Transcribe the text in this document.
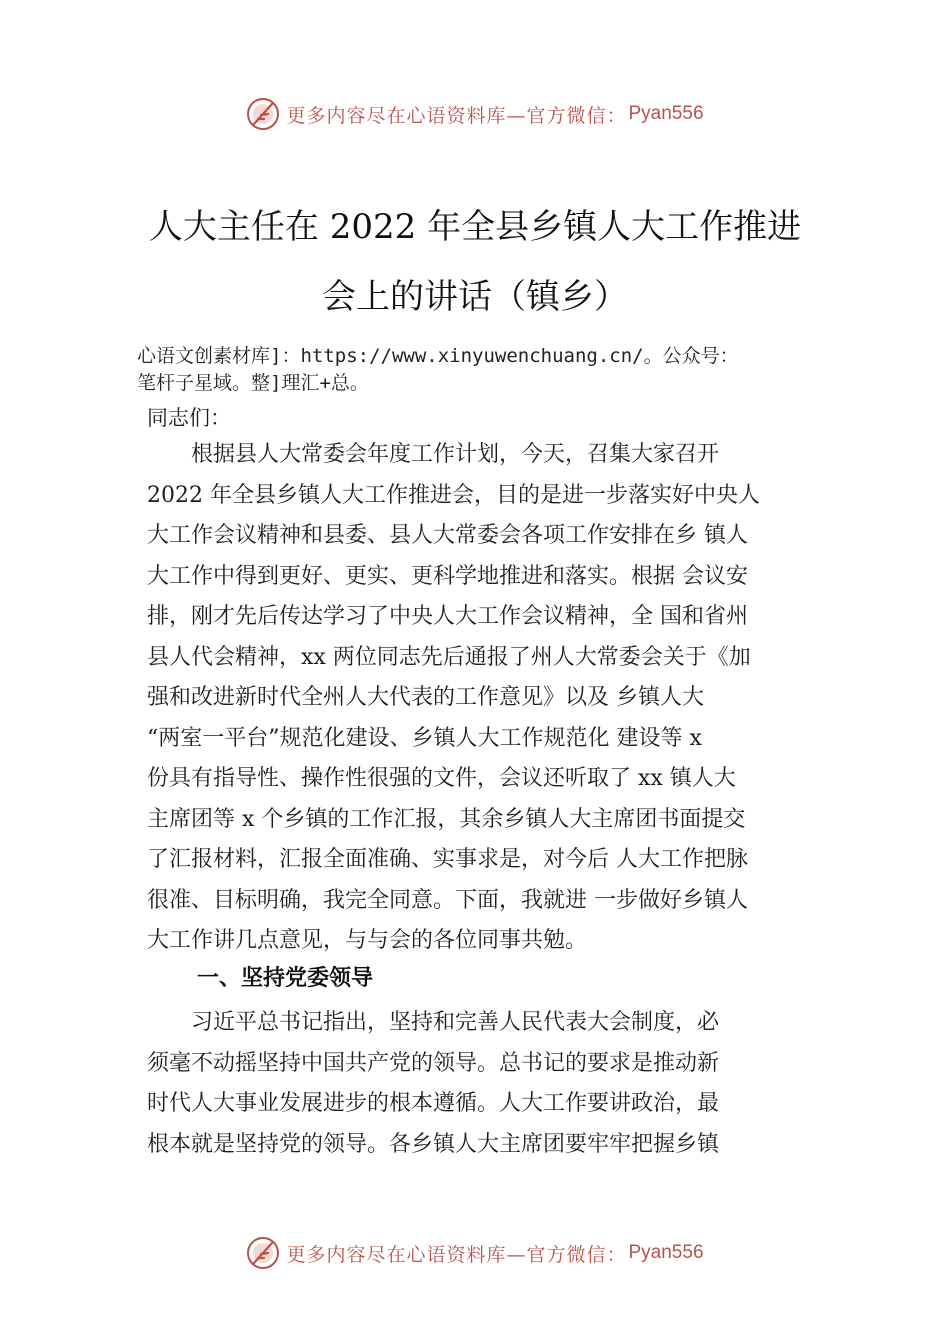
更多内容尽在心语资料库—官方微信： Pyan556
人大主任在 2022 年全县乡镇人大工作推进
会上的讲话（镇乡）

心语文创素材库]：https://www.xinyuwenchuang.cn/。公众号：
笔杆子星域。整]理汇+总。

同志们：

　　根据县人大常委会年度工作计划，今天，召集大家召开
2022 年全县乡镇人大工作推进会，目的是进一步落实好中央人
大工作会议精神和县委、县人大常委会各项工作安排在乡 镇人
大工作中得到更好、更实、更科学地推进和落实。根据 会议安
排，刚才先后传达学习了中央人大工作会议精神，全 国和省州
县人代会精神，xx 两位同志先后通报了州人大常委会关于《加
强和改进新时代全州人大代表的工作意见》以及 乡镇人大
“两室一平台”规范化建设、乡镇人大工作规范化 建设等 x
份具有指导性、操作性很强的文件，会议还听取了 xx 镇人大
主席团等 x 个乡镇的工作汇报，其余乡镇人大主席团书面提交
了汇报材料，汇报全面准确、实事求是，对今后 人大工作把脉
很准、目标明确，我完全同意。下面，我就进 一步做好乡镇人
大工作讲几点意见，与与会的各位同事共勉。

一、坚持党委领导

　　习近平总书记指出，坚持和完善人民代表大会制度，必
须毫不动摇坚持中国共产党的领导。总书记的要求是推动新
时代人大事业发展进步的根本遵循。人大工作要讲政治，最
根本就是坚持党的领导。各乡镇人大主席团要牢牢把握乡镇

更多内容尽在心语资料库—官方微信： Pyan556
